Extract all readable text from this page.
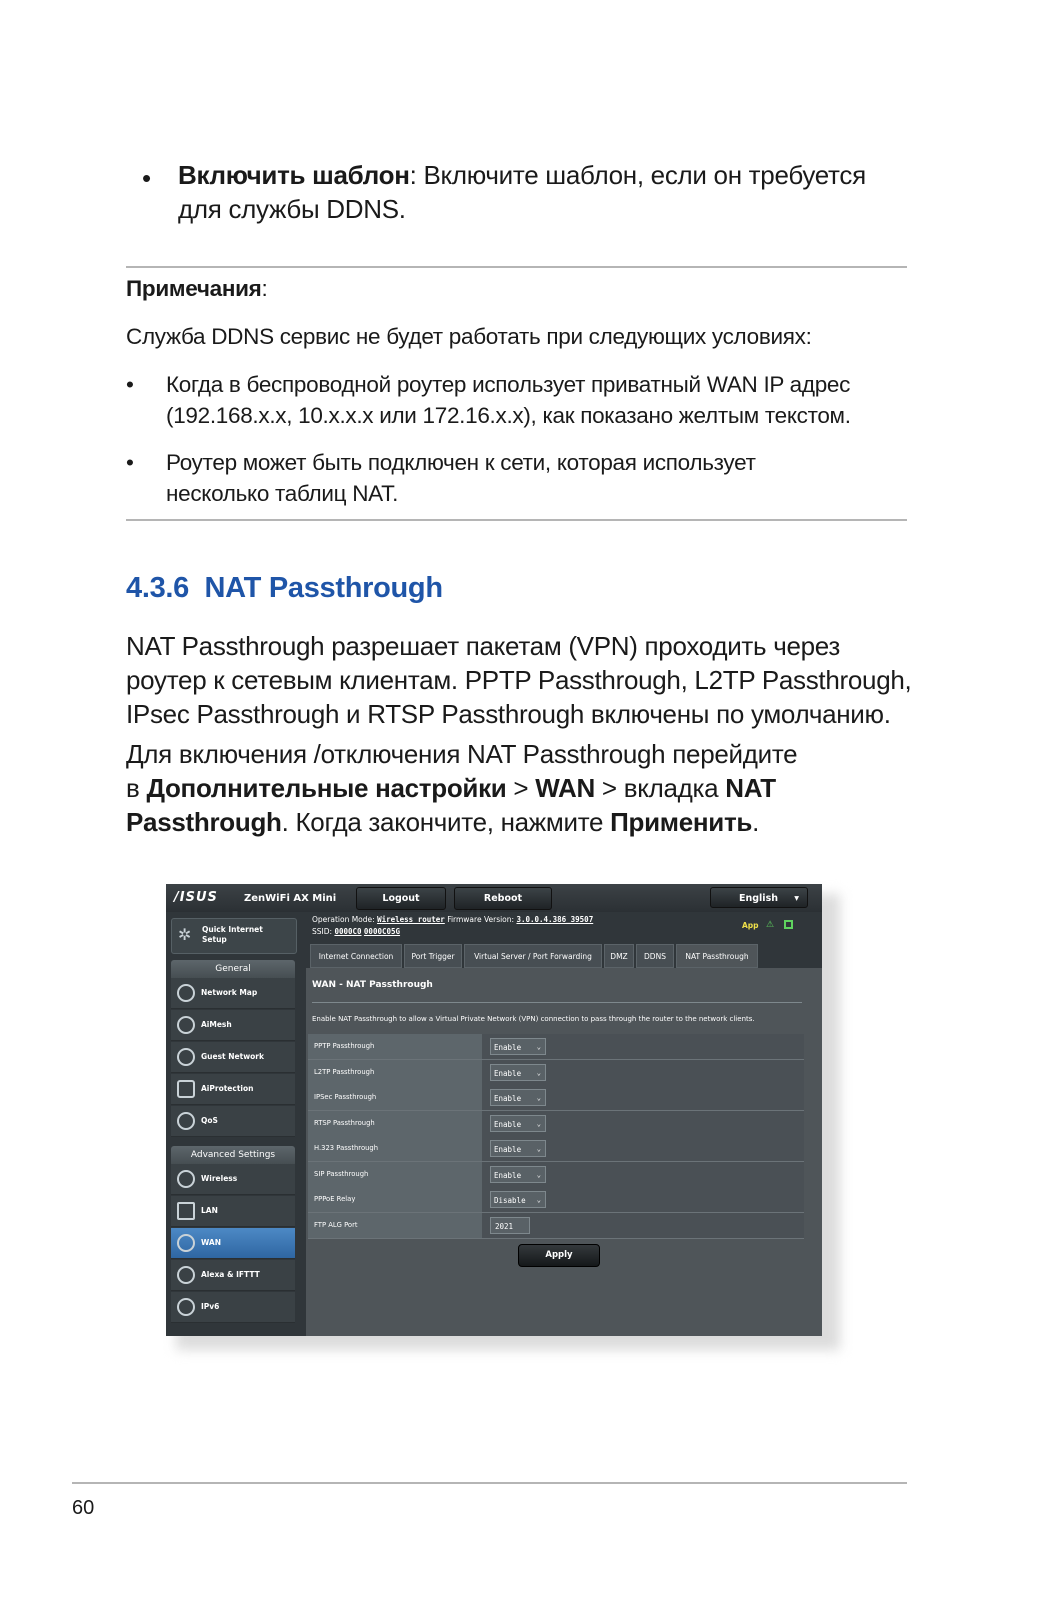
• Включить шаблон: Включите шаблон, если он требуется
для службы DDNS.
Примечания:
Служба DDNS сервис не будет работать при следующих условиях:
• Когда в беспроводной роутер использует приватный WAN IP адрес
(192.168.x.x, 10.x.x.x или 172.16.x.x), как показано желтым текстом.
• Роутер может быть подключен к сети, которая использует
несколько таблиц NAT.
4.3.6 NAT Passthrough
NAT Passthrough разрешает пакетам (VPN) проходить через
роутер к сетевым клиентам. PPTP Passthrough, L2TP Passthrough,
IPsec Passthrough и RTSP Passthrough включены по умолчанию.
Для включения /отключения NAT Passthrough перейдите
в Дополнительные настройки > WAN > вкладка NAT
Passthrough. Когда закончите, нажмите Применить.
/ISUS	ZenWiFi AX Mini	Logout	Reboot	English ▾
✲	Quick Internet
Setup
General
Network Map
AiMesh
Guest Network
AiProtection
QoS
Advanced Settings
Wireless
LAN
WAN
Alexa & IFTTT
IPv6
Operation Mode: Wireless router Firmware Version: 3.0.0.4.386_39507
SSID: 0000C0 0000C05G
App ⚠
Internet Connection	Port Trigger	Virtual Server / Port Forwarding	DMZ	DDNS	NAT Passthrough
WAN - NAT Passthrough
Enable NAT Passthrough to allow a Virtual Private Network (VPN) connection to pass through the router to the network clients.
PPTP Passthrough	Enable ⌄
L2TP Passthrough	Enable ⌄
IPSec Passthrough	Enable ⌄
RTSP Passthrough	Enable ⌄
H.323 Passthrough	Enable ⌄
SIP Passthrough	Enable ⌄
PPPoE Relay	Disable ⌄
FTP ALG Port	2021
Apply
60
